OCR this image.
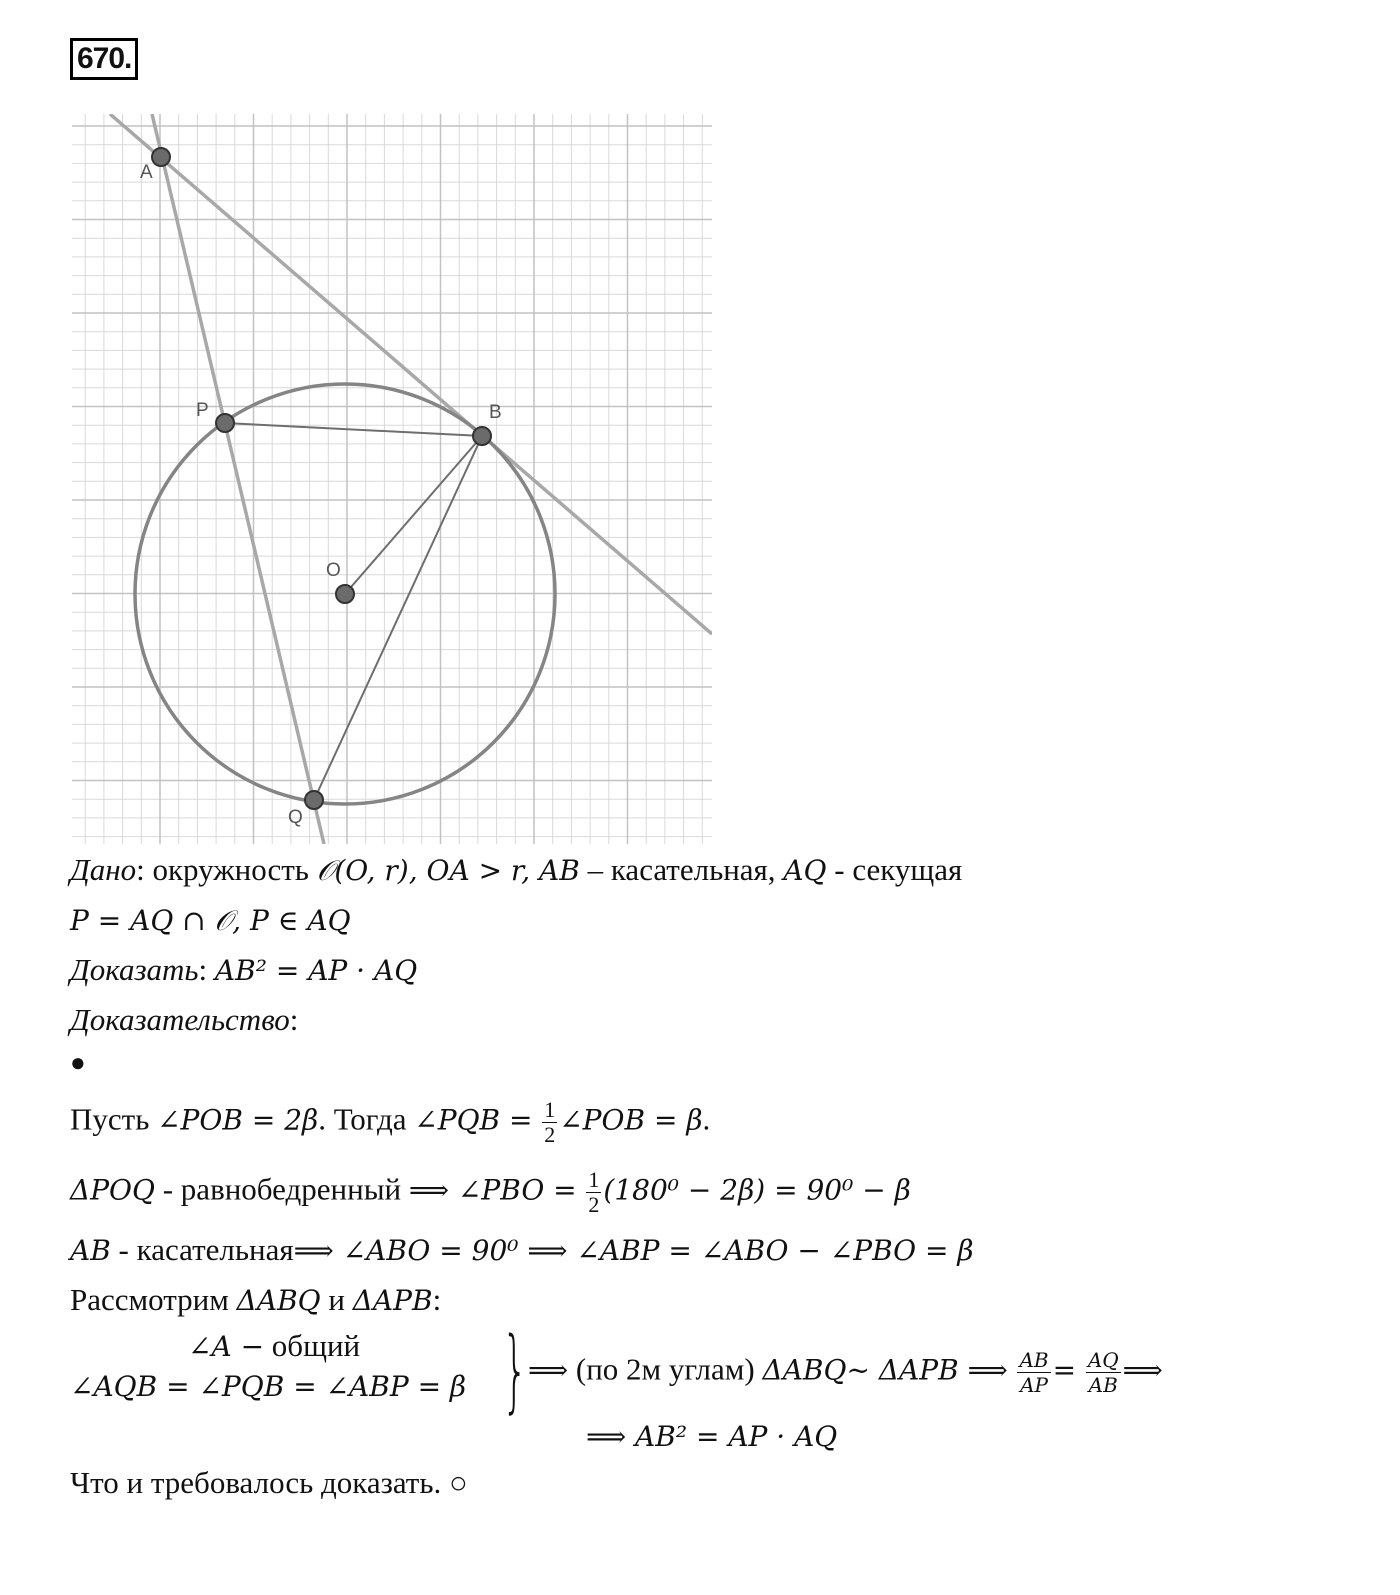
670.
A
P	B
O
Q
Дано: окружность 𝒪(O, r), OA > r, AB – касательная, AQ - секущая
P = AQ ∩ 𝒪, P ∈ AQ
Доказать: AB² = AP · AQ
Доказательство:
●
Пусть ∠POB = 2β. Тогда ∠PQB = $\frac{1}{2}$ ∠POB = β.
ΔPOQ - равнобедренный ⟹ ∠PBO = $\frac{1}{2} (180^0 - 2\beta) = 90^0 - \beta$
AB - касательная⟹ ∠ABO = 90⁰ ⟹ ∠ABP = ∠ABO − ∠PBO = β
Рассмотрим ΔABQ и ΔAPB:
∠A − общий
∠AQB = ∠PQB = ∠ABP = β } ⟹ (по 2м углам) ΔABQ~ ΔAPB ⟹ $\frac{AB}{AP} = \frac{AQ}{AB}$ ⟹
⟹ AB² = AP · AQ
Что и требовалось доказать. ○
